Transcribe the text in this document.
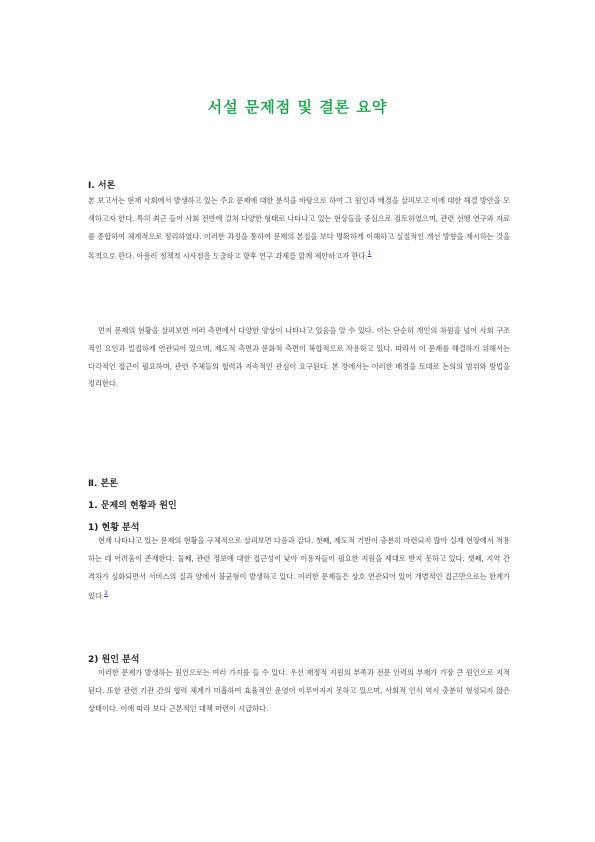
서설 문제점 및 결론 요약
Ⅰ. 서론
본 보고서는 현재 사회에서 발생하고 있는 주요 문제에 대한 분석을 바탕으로 하여 그 원인과 배경을 살펴보고 이에 대한 해결 방안을 모색하고자 한다. 특히 최근 들어 사회 전반에 걸쳐 다양한 형태로 나타나고 있는 현상들을 중심으로 검토하였으며, 관련 선행 연구와 자료를 종합하여 체계적으로 정리하였다. 이러한 과정을 통하여 문제의 본질을 보다 명확하게 이해하고 실질적인 개선 방향을 제시하는 것을 목적으로 한다. 아울러 정책적 시사점을 도출하고 향후 연구 과제를 함께 제안하고자 한다.$^1$
먼저 문제의 현황을 살펴보면 여러 측면에서 다양한 양상이 나타나고 있음을 알 수 있다. 이는 단순히 개인의 차원을 넘어 사회 구조적인 요인과 밀접하게 연관되어 있으며, 제도적 측면과 문화적 측면이 복합적으로 작용하고 있다. 따라서 이 문제를 해결하기 위해서는 다각적인 접근이 필요하며, 관련 주체들의 협력과 지속적인 관심이 요구된다. 본 장에서는 이러한 배경을 토대로 논의의 범위와 방법을 정리한다.
Ⅱ. 본론
1. 문제의 현황과 원인
1) 현황 분석
현재 나타나고 있는 문제의 현황을 구체적으로 살펴보면 다음과 같다. 첫째, 제도적 기반이 충분히 마련되지 않아 실제 현장에서 적용하는 데 어려움이 존재한다. 둘째, 관련 정보에 대한 접근성이 낮아 이용자들이 필요한 지원을 제대로 받지 못하고 있다. 셋째, 지역 간 격차가 심화되면서 서비스의 질과 양에서 불균형이 발생하고 있다. 이러한 문제들은 상호 연관되어 있어 개별적인 접근만으로는 한계가 있다.$^2$
2) 원인 분석
이러한 문제가 발생하는 원인으로는 여러 가지를 들 수 있다. 우선 재정적 지원의 부족과 전문 인력의 부재가 가장 큰 원인으로 지적된다. 또한 관련 기관 간의 협력 체계가 미흡하여 효율적인 운영이 이루어지지 못하고 있으며, 사회적 인식 역시 충분히 형성되지 않은 상태이다. 이에 따라 보다 근본적인 대책 마련이 시급하다.
